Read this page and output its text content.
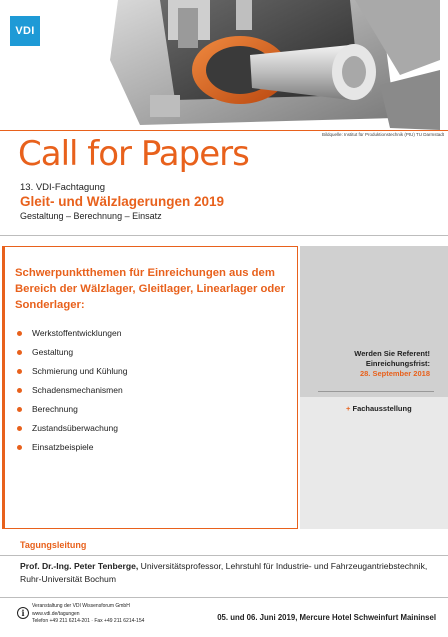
VDI
Bildquelle: Institut für Produktionstechnik (PtU) TU Darmstadt
Call for Papers
13. VDI-Fachtagung
Gleit- und Wälzlagerungen 2019
Gestaltung – Berechnung – Einsatz
Schwerpunktthemen für Einreichungen aus dem Bereich der Wälzlager, Gleitlager, Linearlager oder Sonderlager:
Werkstoffentwicklungen
Gestaltung
Schmierung und Kühlung
Schadensmechanismen
Berechnung
Zustandsüberwachung
Einsatzbeispiele
Werden Sie Referent!
Einreichungsfrist:
28. September 2018
+ Fachausstellung
Tagungsleitung
Prof. Dr.-Ing. Peter Tenberge, Universitätsprofessor, Lehrstuhl für Industrie- und Fahrzeugantriebstechnik, Ruhr-Universität Bochum
i
Veranstaltung der VDI Wissensforum GmbH
www.vdi.de/tagungen
Telefon +49 211 6214-201 · Fax +49 211 6214-154	05. und 06. Juni 2019, Mercure Hotel Schweinfurt Maininsel
